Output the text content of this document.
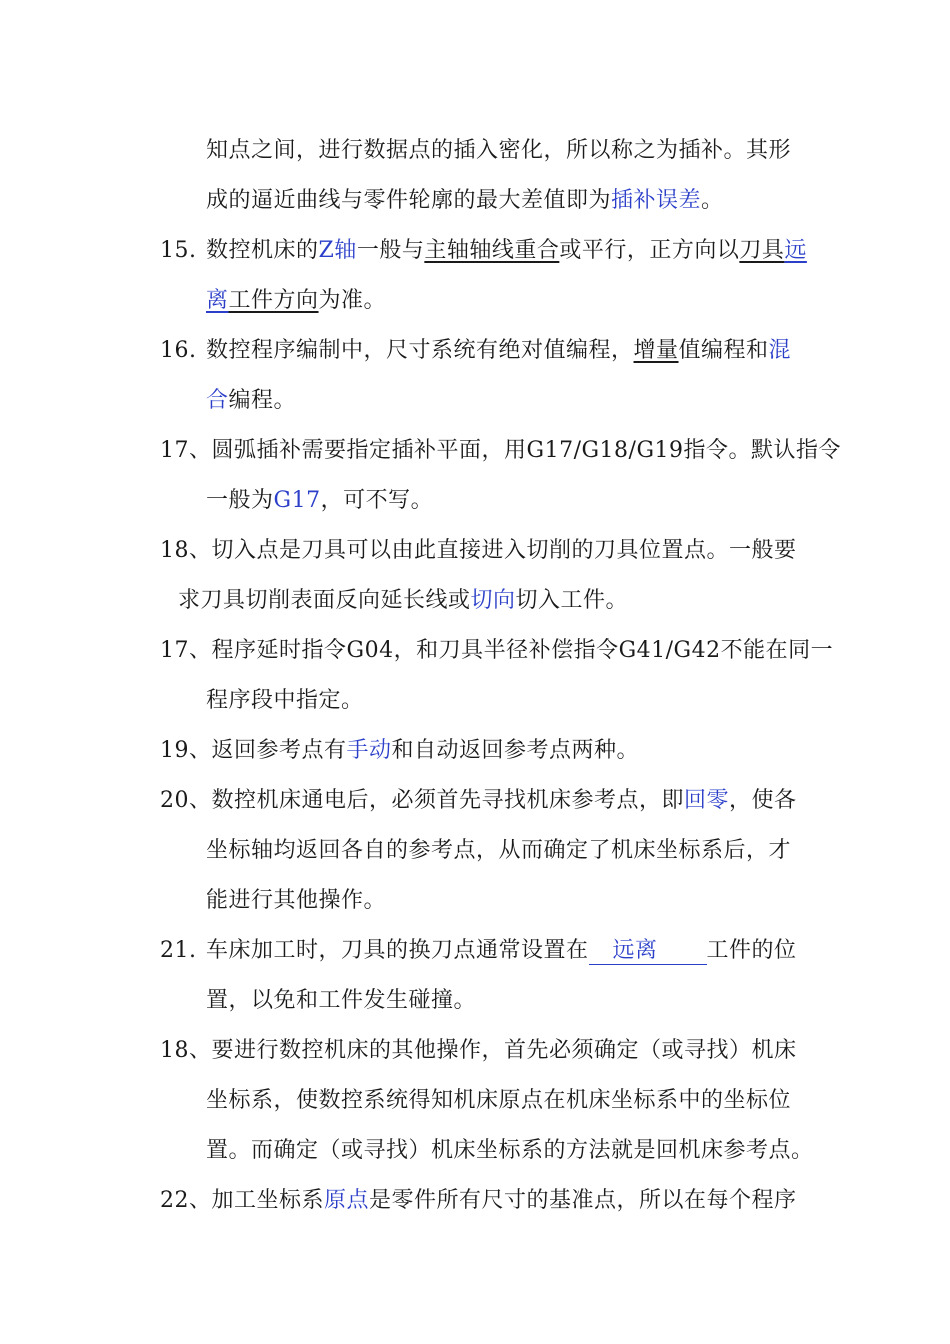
知点之间，进行数据点的插入密化，所以称之为插补。其形
成的逼近曲线与零件轮廓的最大差值即为插补误差。
15. 数控机床的Z轴一般与主轴轴线重合或平行，正方向以刀具远
离工件方向为准。
16. 数控程序编制中，尺寸系统有绝对值编程，增量值编程和混
合编程。
17、圆弧插补需要指定插补平面，用G17/G18/G19指令。默认指令
一般为G17，可不写。
18、切入点是刀具可以由此直接进入切削的刀具位置点。一般要
求刀具切削表面反向延长线或切向切入工件。
17、程序延时指令G04，和刀具半径补偿指令G41/G42不能在同一
程序段中指定。
19、返回参考点有手动和自动返回参考点两种。
20、数控机床通电后，必须首先寻找机床参考点，即回零，使各
坐标轴均返回各自的参考点，从而确定了机床坐标系后，才
能进行其他操作。
21. 车床加工时，刀具的换刀点通常设置在 远离 工件的位
置，以免和工件发生碰撞。
18、要进行数控机床的其他操作，首先必须确定（或寻找）机床
坐标系，使数控系统得知机床原点在机床坐标系中的坐标位
置。而确定（或寻找）机床坐标系的方法就是回机床参考点。
22、加工坐标系原点是零件所有尺寸的基准点，所以在每个程序
